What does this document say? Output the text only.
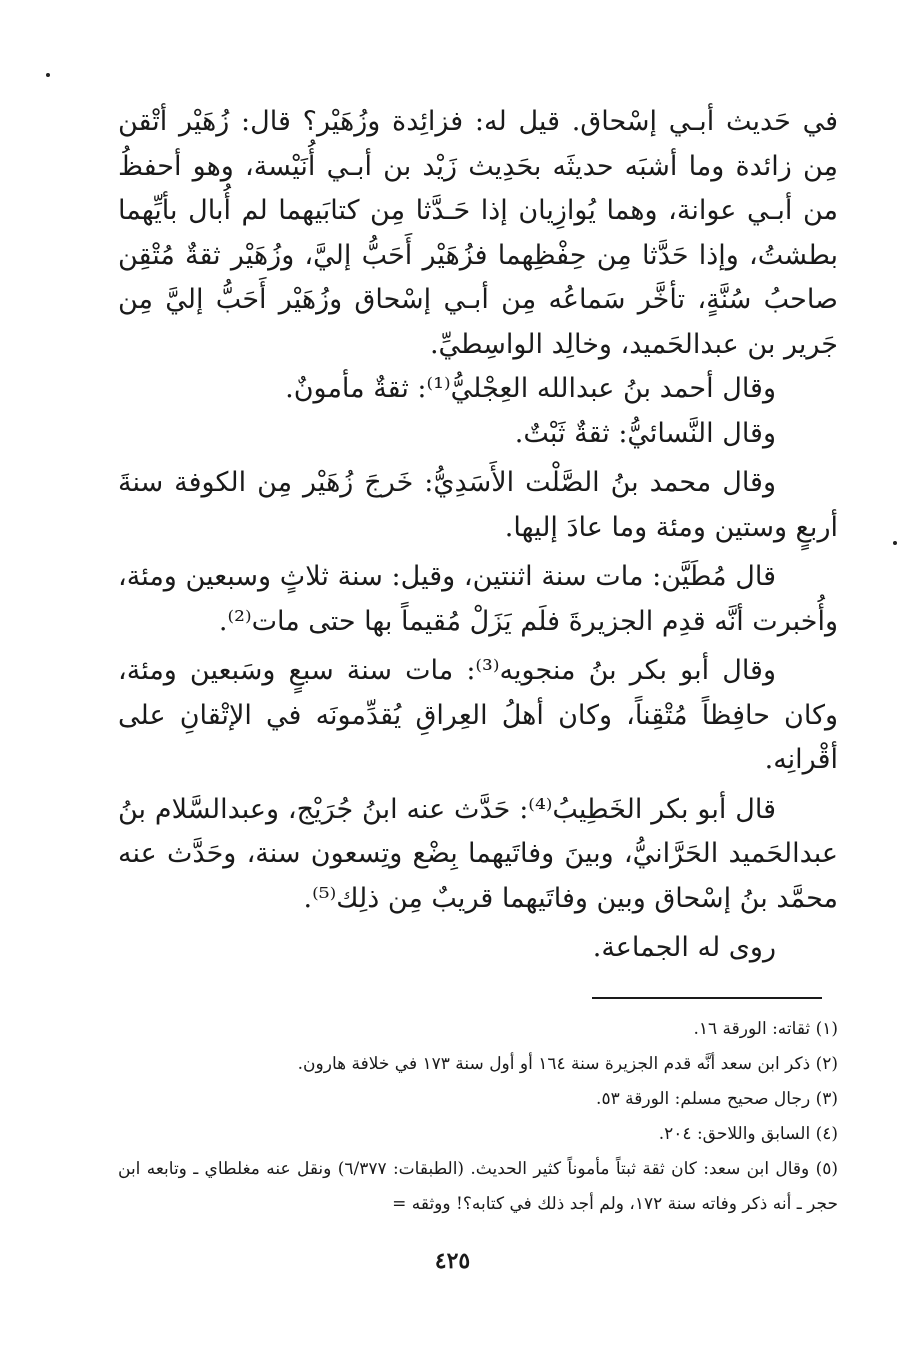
في حَديث أبـي إسْحاق. قيل له: فزائِدة وزُهَيْر؟ قال: زُهَيْر أتْقن مِن زائدة وما أشبَه حديثَه بحَدِيث زَيْد بن أبـي أُنَيْسة، وهو أحفظُ من أبـي عوانة، وهما يُوازِيان إذا حَـدَّثا مِن كتابَيهما لم أُبال بأيِّهما بطشتُ، وإذا حَدَّثا مِن حِفْظِهما فزُهَيْر أَحَبُّ إليَّ، وزُهَيْر ثقةٌ مُتْقِن صاحبُ سُنَّةٍ، تأخَّر سَماعُه مِن أبـي إسْحاق وزُهَيْر أَحَبُّ إليَّ مِن جَرير بن عبدالحَميد، وخالِد الواسِطيِّ.

وقال أحمد بنُ عبدالله العِجْليُّ⁽¹⁾: ثقةٌ مأمونٌ.

وقال النَّسائيُّ: ثقةٌ ثَبْتٌ.

وقال محمد بنُ الصَّلْت الأَسَدِيُّ: خَرجَ زُهَيْر مِن الكوفة سنةَ أربعٍ وستين ومئة وما عادَ إليها.

قال مُطَيَّن: مات سنة اثنتين، وقيل: سنة ثلاثٍ وسبعين ومئة، وأُخبرت أنَّه قدِم الجزيرةَ فلَم يَزَلْ مُقيماً بها حتى مات⁽²⁾.

وقال أبو بكر بنُ منجويه⁽³⁾: مات سنة سبعٍ وسَبعين ومئة، وكان حافِظاً مُتْقِناً، وكان أهلُ العِراقِ يُقدِّمونَه في الإتْقانِ على أقْرانِه.

قال أبو بكر الخَطِيبُ⁽⁴⁾: حَدَّث عنه ابنُ جُرَيْج، وعبدالسَّلام بنُ عبدالحَميد الحَرَّانيُّ، وبينَ وفاتَيهما بِضْع وتِسعون سنة، وحَدَّث عنه محمَّد بنُ إسْحاق وبين وفاتَيهما قريبٌ مِن ذلِك⁽⁵⁾.

روى له الجماعة.

(١) ثقاته: الورقة ١٦.

(٢) ذكر ابن سعد أنَّه قدم الجزيرة سنة ١٦٤ أو أول سنة ١٧٣ في خلافة هارون.

(٣) رجال صحيح مسلم: الورقة ٥٣.

(٤) السابق واللاحق: ٢٠٤.

(٥) وقال ابن سعد: كان ثقة ثبتاً مأموناً كثير الحديث. (الطبقات: ٦/٣٧٧) ونقل عنه مغلطاي ـ وتابعه ابن حجر ـ أنه ذكر وفاته سنة ١٧٢، ولم أجد ذلك في كتابه؟! ووثقه =

٤٢٥
